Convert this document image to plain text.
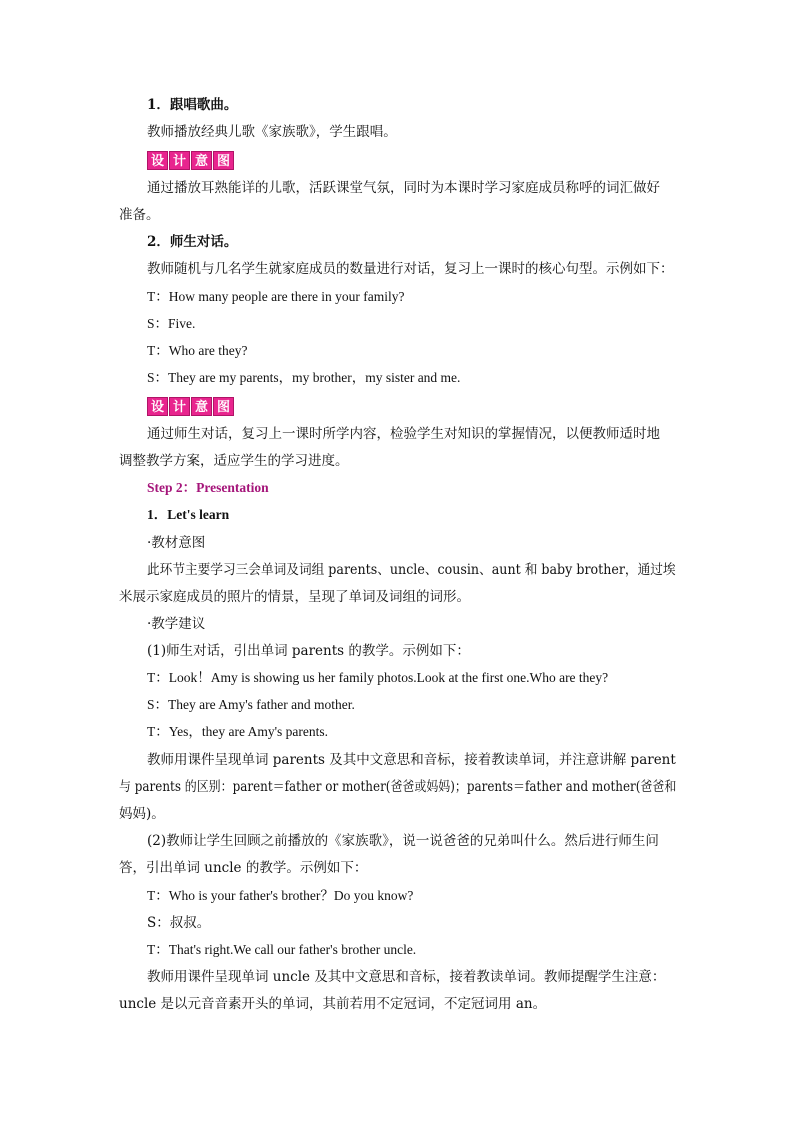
1．跟唱歌曲。
教师播放经典儿歌《家族歌》，学生跟唱。
设 计 意 图
通过播放耳熟能详的儿歌，活跃课堂气氛，同时为本课时学习家庭成员称呼的词汇做好
准备。
2．师生对话。
教师随机与几名学生就家庭成员的数量进行对话，复习上一课时的核心句型。示例如下：
T：How many people are there in your family?
S：Five.
T：Who are they?
S：They are my parents，my brother，my sister and me.
设 计 意 图
通过师生对话，复习上一课时所学内容，检验学生对知识的掌握情况，以便教师适时地
调整教学方案，适应学生的学习进度。
Step 2：Presentation
1．Let's learn
·教材意图
此环节主要学习三会单词及词组 parents、uncle、cousin、aunt 和 baby brother，通过埃
米展示家庭成员的照片的情景，呈现了单词及词组的词形。
·教学建议
(1)师生对话，引出单词 parents 的教学。示例如下：
T：Look！Amy is showing us her family photos.Look at the first one.Who are they?
S：They are Amy's father and mother.
T：Yes，they are Amy's parents.
教师用课件呈现单词 parents 及其中文意思和音标，接着教读单词，并注意讲解 parent
与 parents 的区别：parent＝father or mother(爸爸或妈妈)；parents＝father and mother(爸爸和
妈妈)。
(2)教师让学生回顾之前播放的《家族歌》，说一说爸爸的兄弟叫什么。然后进行师生问
答，引出单词 uncle 的教学。示例如下：
T：Who is your father's brother？Do you know?
S：叔叔。
T：That's right.We call our father's brother uncle.
教师用课件呈现单词 uncle 及其中文意思和音标，接着教读单词。教师提醒学生注意：
uncle 是以元音音素开头的单词，其前若用不定冠词，不定冠词用 an。
